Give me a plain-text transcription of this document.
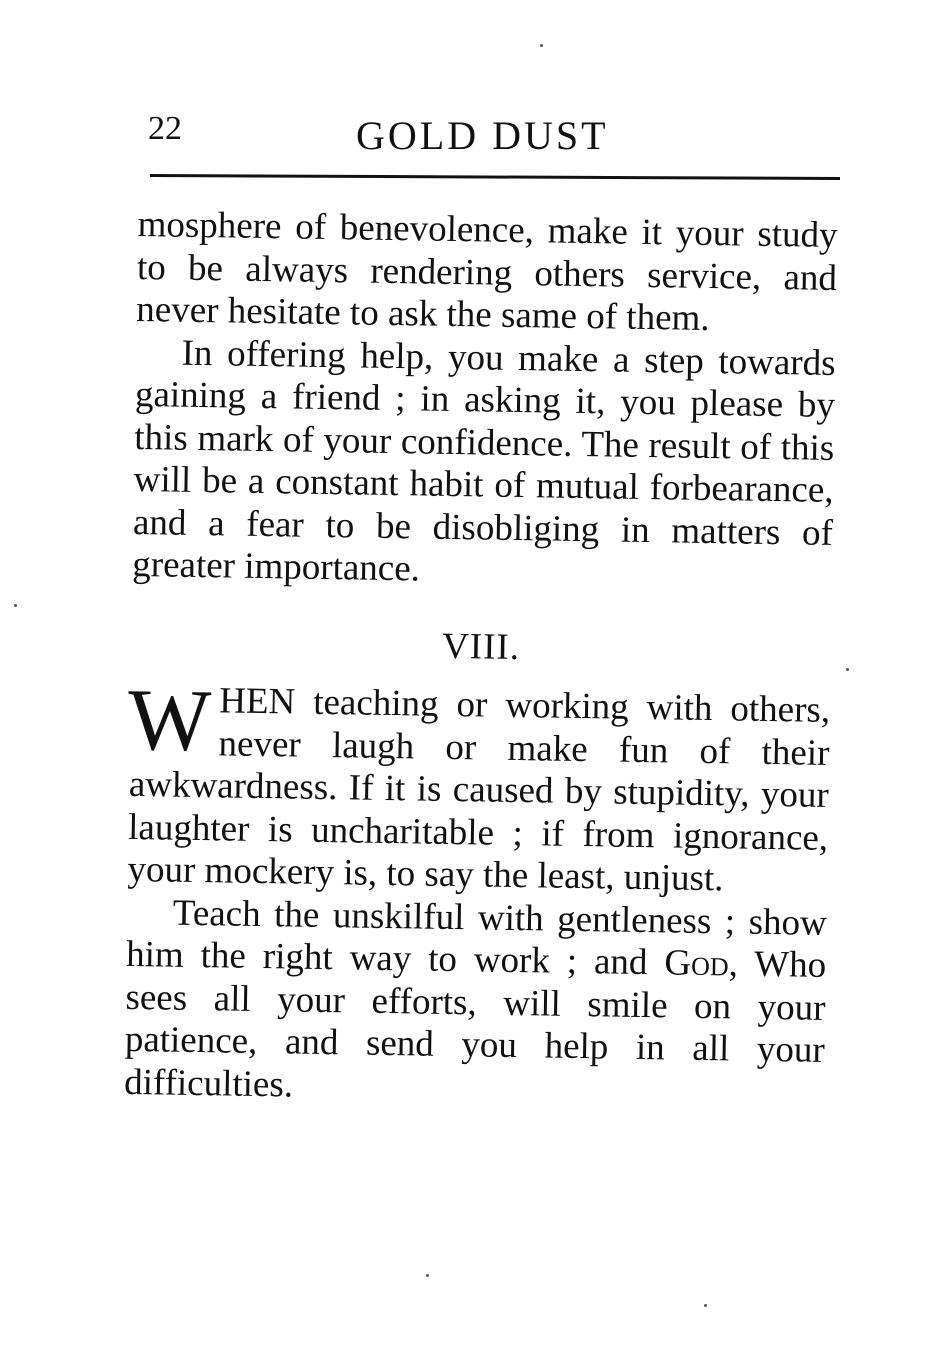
22	GOLD DUST

mosphere of benevolence, make it your study to be always rendering others service, and never hesitate to ask the same of them.

In offering help, you make a step towards gaining a friend ; in asking it, you please by this mark of your confidence. The result of this will be a constant habit of mutual forbearance, and a fear to be disobliging in matters of greater importance.

VIII.

WHEN teaching or working with others, never laugh or make fun of their awkwardness. If it is caused by stupidity, your laughter is uncharitable ; if from ignorance, your mockery is, to say the least, unjust.

Teach the unskilful with gentleness ; show him the right way to work ; and God, Who sees all your efforts, will smile on your patience, and send you help in all your difficulties.
